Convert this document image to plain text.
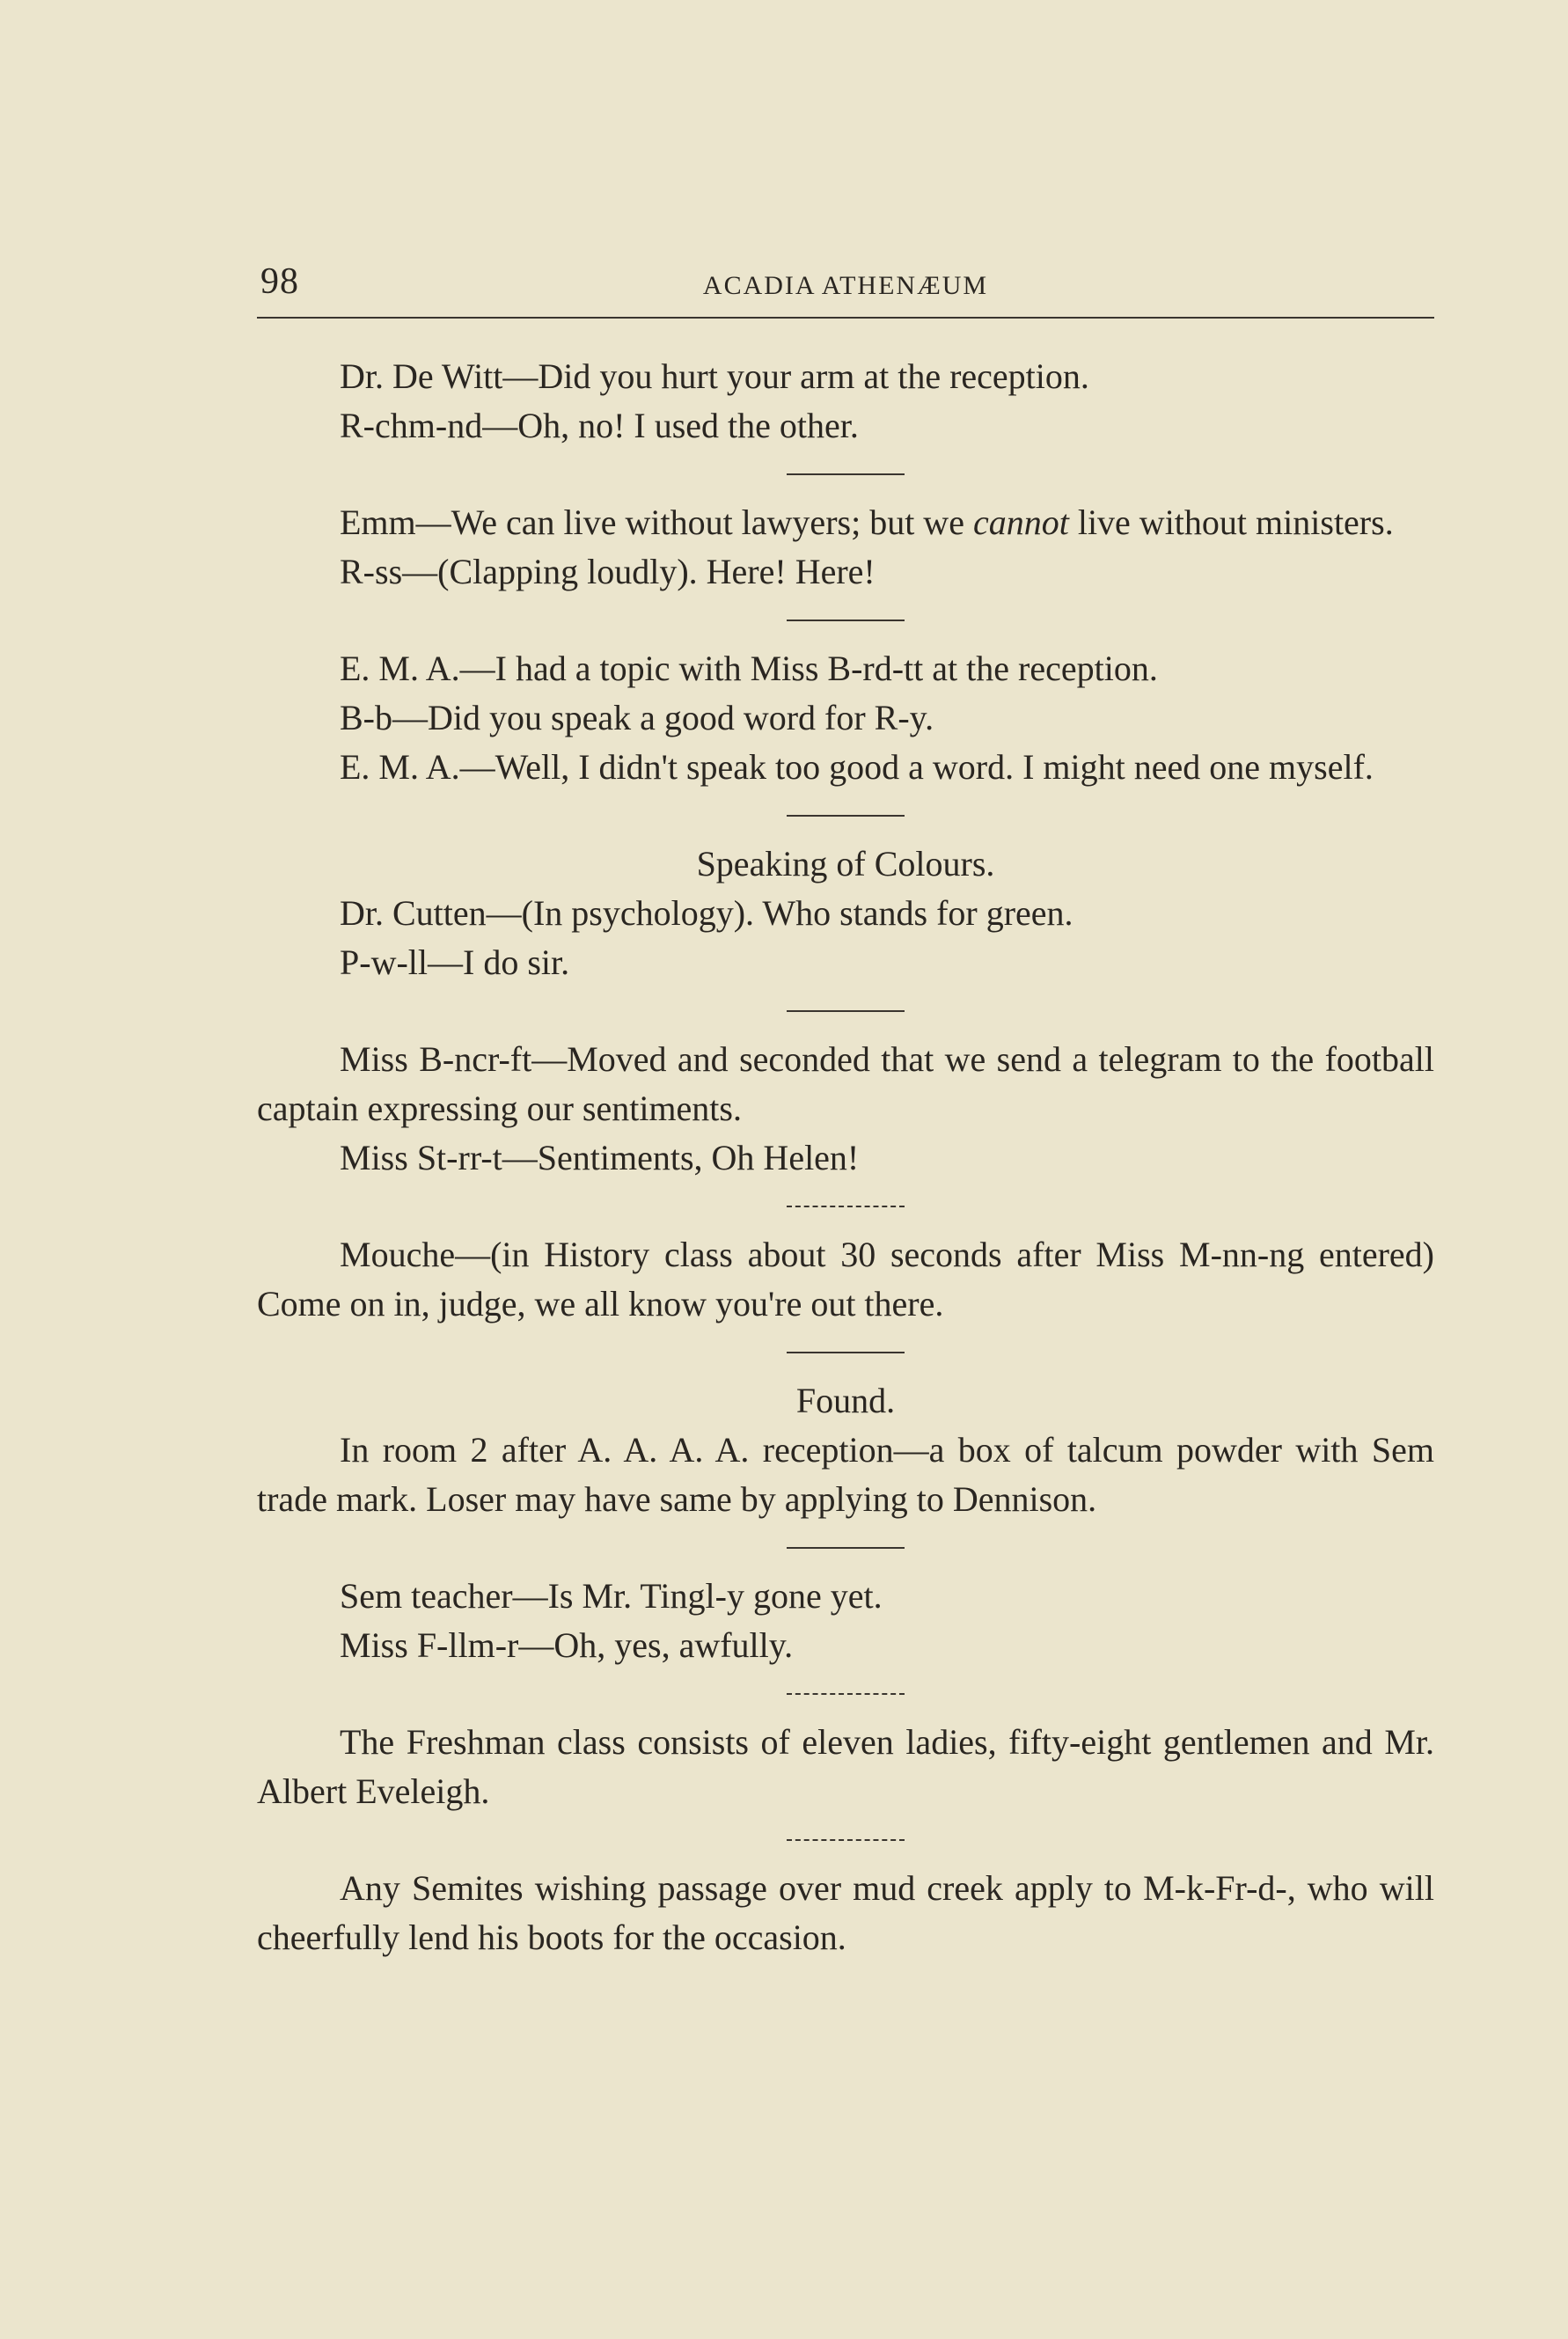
98	ACADIA ATHENÆUM

Dr. De Witt—Did you hurt your arm at the reception.

R-chm-nd—Oh, no! I used the other.

Emm—We can live without lawyers; but we cannot live without ministers.

R-ss—(Clapping loudly). Here! Here!

E. M. A.—I had a topic with Miss B-rd-tt at the reception.

B-b—Did you speak a good word for R-y.

E. M. A.—Well, I didn't speak too good a word. I might need one myself.

Speaking of Colours.

Dr. Cutten—(In psychology). Who stands for green.

P-w-ll—I do sir.

Miss B-ncr-ft—Moved and seconded that we send a telegram to the football captain expressing our sentiments.

Miss St-rr-t—Sentiments, Oh Helen!

Mouche—(in History class about 30 seconds after Miss M-nn-ng entered) Come on in, judge, we all know you're out there.

Found.

In room 2 after A. A. A. A. reception—a box of talcum powder with Sem trade mark. Loser may have same by applying to Dennison.

Sem teacher—Is Mr. Tingl-y gone yet.

Miss F-llm-r—Oh, yes, awfully.

The Freshman class consists of eleven ladies, fifty-eight gentlemen and Mr. Albert Eveleigh.

Any Semites wishing passage over mud creek apply to M-k-Fr-d-, who will cheerfully lend his boots for the occasion.
